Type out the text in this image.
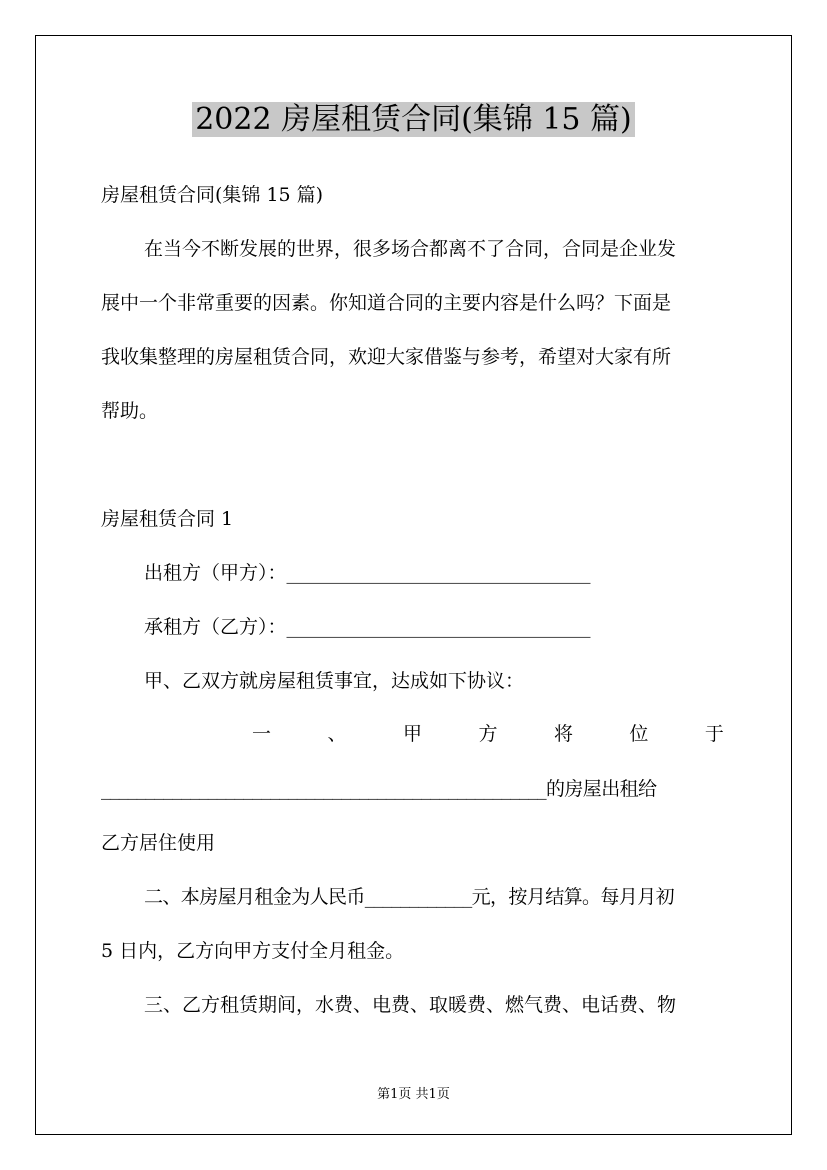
2022 房屋租赁合同(集锦 15 篇)
房屋租赁合同(集锦 15 篇)
在当今不断发展的世界，很多场合都离不了合同，合同是企业发
展中一个非常重要的因素。你知道合同的主要内容是什么吗？下面是
我收集整理的房屋租赁合同，欢迎大家借鉴与参考，希望对大家有所
帮助。
房屋租赁合同 1
出租方（甲方）：________________________________
承租方（乙方）：________________________________
甲、乙双方就房屋租赁事宜，达成如下协议：
一	、	甲	方	将	位	于
__________________________________________________的房屋出租给
乙方居住使用
二、本房屋月租金为人民币____________元，按月结算。每月月初
5 日内，乙方向甲方支付全月租金。
三、乙方租赁期间，水费、电费、取暖费、燃气费、电话费、物
第1页 共1页
